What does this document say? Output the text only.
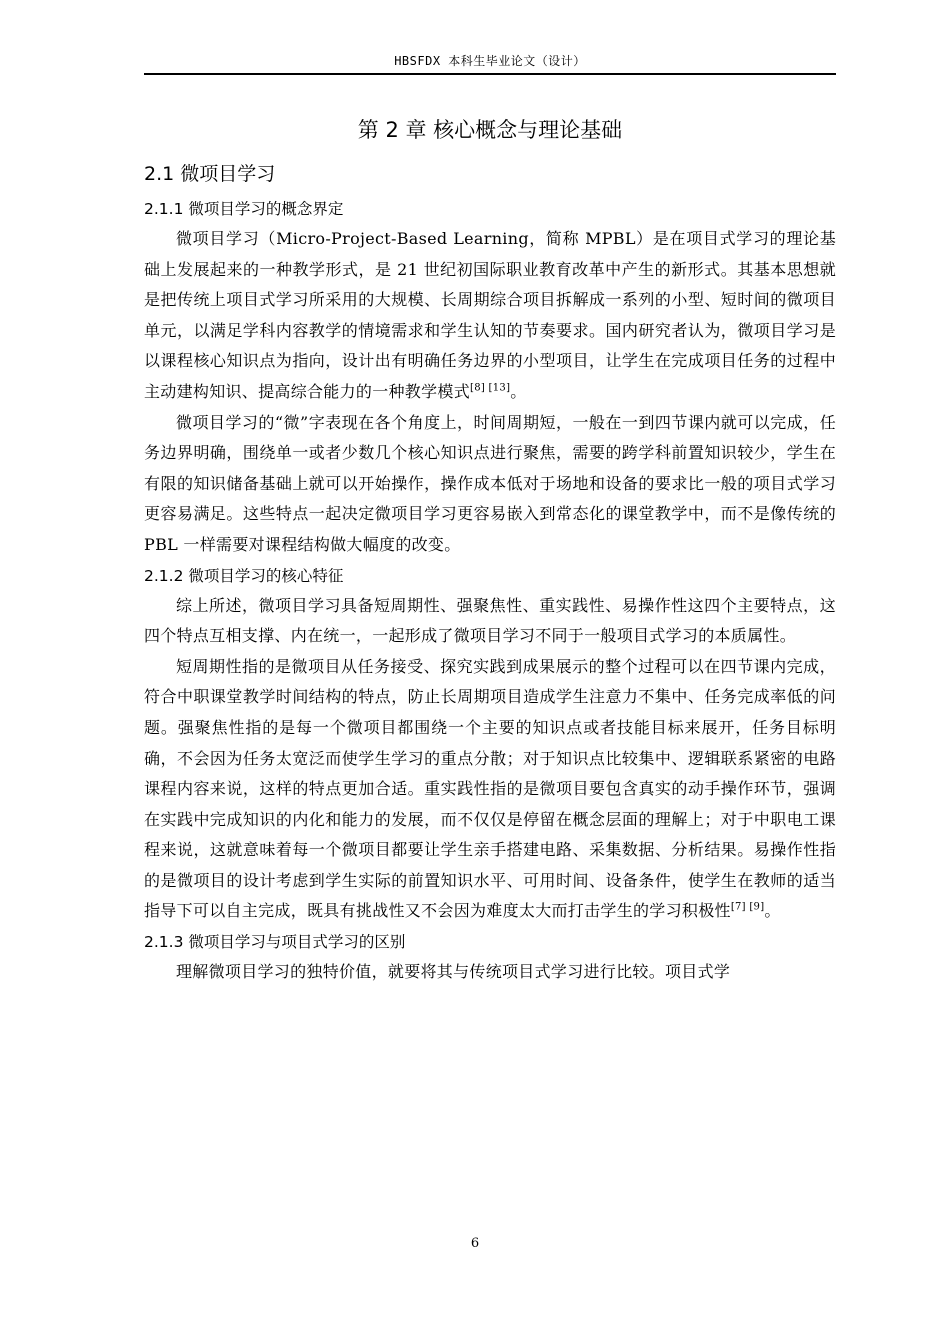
HBSFDX 本科生毕业论文（设计）
第 2 章 核心概念与理论基础
2.1 微项目学习
2.1.1 微项目学习的概念界定

微项目学习（Micro-Project-Based Learning，简称 MPBL）是在项目式学习的理论基础上发展起来的一种教学形式，是 21 世纪初国际职业教育改革中产生的新形式。其基本思想就是把传统上项目式学习所采用的大规模、长周期综合项目拆解成一系列的小型、短时间的微项目单元，以满足学科内容教学的情境需求和学生认知的节奏要求。国内研究者认为，微项目学习是以课程核心知识点为指向，设计出有明确任务边界的小型项目，让学生在完成项目任务的过程中主动建构知识、提高综合能力的一种教学模式[8] [13]。

微项目学习的“微”字表现在各个角度上，时间周期短，一般在一到四节课内就可以完成，任务边界明确，围绕单一或者少数几个核心知识点进行聚焦，需要的跨学科前置知识较少，学生在有限的知识储备基础上就可以开始操作，操作成本低对于场地和设备的要求比一般的项目式学习更容易满足。这些特点一起决定微项目学习更容易嵌入到常态化的课堂教学中，而不是像传统的 PBL 一样需要对课程结构做大幅度的改变。

2.1.2 微项目学习的核心特征

综上所述，微项目学习具备短周期性、强聚焦性、重实践性、易操作性这四个主要特点，这四个特点互相支撑、内在统一，一起形成了微项目学习不同于一般项目式学习的本质属性。

短周期性指的是微项目从任务接受、探究实践到成果展示的整个过程可以在四节课内完成，符合中职课堂教学时间结构的特点，防止长周期项目造成学生注意力不集中、任务完成率低的问题。强聚焦性指的是每一个微项目都围绕一个主要的知识点或者技能目标来展开，任务目标明确，不会因为任务太宽泛而使学生学习的重点分散；对于知识点比较集中、逻辑联系紧密的电路课程内容来说，这样的特点更加合适。重实践性指的是微项目要包含真实的动手操作环节，强调在实践中完成知识的内化和能力的发展，而不仅仅是停留在概念层面的理解上；对于中职电工课程来说，这就意味着每一个微项目都要让学生亲手搭建电路、采集数据、分析结果。易操作性指的是微项目的设计考虑到学生实际的前置知识水平、可用时间、设备条件，使学生在教师的适当指导下可以自主完成，既具有挑战性又不会因为难度太大而打击学生的学习积极性[7] [9]。

2.1.3 微项目学习与项目式学习的区别

理解微项目学习的独特价值，就要将其与传统项目式学习进行比较。项目式学

6
